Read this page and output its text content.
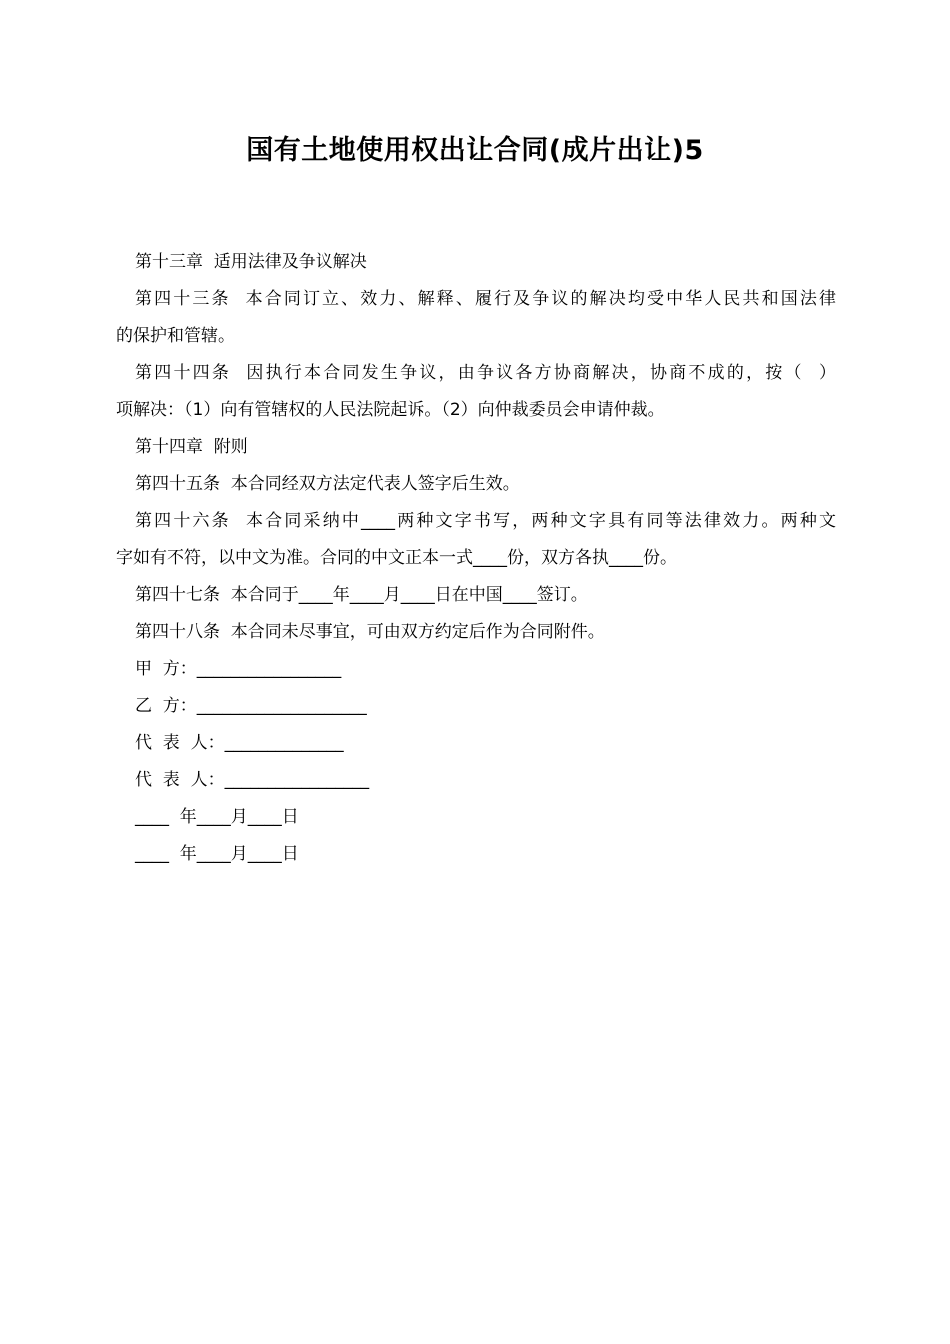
国有土地使用权出让合同(成片出让)5

第十三章  适用法律及争议解决

第四十三条  本合同订立、效力、解释、履行及争议的解决均受中华人民共和国法律

的保护和管辖。

第四十四条  因执行本合同发生争议，由争议各方协商解决，协商不成的，按（  ）

项解决：（1）向有管辖权的人民法院起诉。（2）向仲裁委员会申请仲裁。

第十四章  附则

第四十五条  本合同经双方法定代表人签字后生效。

第四十六条  本合同采纳中____两种文字书写，两种文字具有同等法律效力。两种文

字如有不符，以中文为准。合同的中文正本一式____份，双方各执____份。

第四十七条  本合同于____年____月____日在中国____签订。

第四十八条  本合同未尽事宜，可由双方约定后作为合同附件。

甲  方：_________________

乙  方：____________________

代  表  人：______________

代  表  人：_________________

____  年____月____日

____  年____月____日
